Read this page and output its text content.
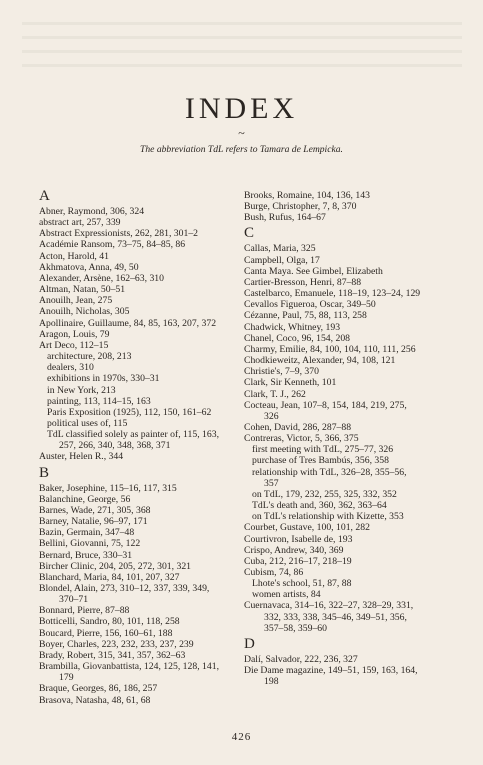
INDEX
~
The abbreviation TdL refers to Tamara de Lempicka.
A
Abner, Raymond, 306, 324
abstract art, 257, 339
Abstract Expressionists, 262, 281, 301–2
Académie Ransom, 73–75, 84–85, 86
Acton, Harold, 41
Akhmatova, Anna, 49, 50
Alexander, Arsène, 162–63, 310
Altman, Natan, 50–51
Anouilh, Jean, 275
Anouilh, Nicholas, 305
Apollinaire, Guillaume, 84, 85, 163, 207, 372
Aragon, Louis, 79
Art Deco, 112–15
architecture, 208, 213
dealers, 310
exhibitions in 1970s, 330–31
in New York, 213
painting, 113, 114–15, 163
Paris Exposition (1925), 112, 150, 161–62
political uses of, 115
TdL classified solely as painter of, 115, 163,
257, 266, 340, 348, 368, 371
Auster, Helen R., 344
B
Baker, Josephine, 115–16, 117, 315
Balanchine, George, 56
Barnes, Wade, 271, 305, 368
Barney, Natalie, 96–97, 171
Bazin, Germain, 347–48
Bellini, Giovanni, 75, 122
Bernard, Bruce, 330–31
Bircher Clinic, 204, 205, 272, 301, 321
Blanchard, Maria, 84, 101, 207, 327
Blondel, Alain, 273, 310–12, 337, 339, 349,
370–71
Bonnard, Pierre, 87–88
Botticelli, Sandro, 80, 101, 118, 258
Boucard, Pierre, 156, 160–61, 188
Boyer, Charles, 223, 232, 233, 237, 239
Brady, Robert, 315, 341, 357, 362–63
Brambilla, Giovanbattista, 124, 125, 128, 141,
179
Braque, Georges, 86, 186, 257
Brasova, Natasha, 48, 61, 68
Brooks, Romaine, 104, 136, 143
Burge, Christopher, 7, 8, 370
Bush, Rufus, 164–67
C
Callas, Maria, 325
Campbell, Olga, 17
Canta Maya. See Gimbel, Elizabeth
Cartier-Bresson, Henri, 87–88
Castelbarco, Emanuele, 118–19, 123–24, 129
Cevallos Figueroa, Oscar, 349–50
Cézanne, Paul, 75, 88, 113, 258
Chadwick, Whitney, 193
Chanel, Coco, 96, 154, 208
Charmy, Emilie, 84, 100, 104, 110, 111, 256
Chodkieweitz, Alexander, 94, 108, 121
Christie's, 7–9, 370
Clark, Sir Kenneth, 101
Clark, T. J., 262
Cocteau, Jean, 107–8, 154, 184, 219, 275,
326
Cohen, David, 286, 287–88
Contreras, Victor, 5, 366, 375
first meeting with TdL, 275–77, 326
purchase of Tres Bambús, 356, 358
relationship with TdL, 326–28, 355–56,
357
on TdL, 179, 232, 255, 325, 332, 352
TdL's death and, 360, 362, 363–64
on TdL's relationship with Kizette, 353
Courbet, Gustave, 100, 101, 282
Courtivron, Isabelle de, 193
Crispo, Andrew, 340, 369
Cuba, 212, 216–17, 218–19
Cubism, 74, 86
Lhote's school, 51, 87, 88
women artists, 84
Cuernavaca, 314–16, 322–27, 328–29, 331,
332, 333, 338, 345–46, 349–51, 356,
357–58, 359–60
D
Dalí, Salvador, 222, 236, 327
Die Dame magazine, 149–51, 159, 163, 164,
198
426
